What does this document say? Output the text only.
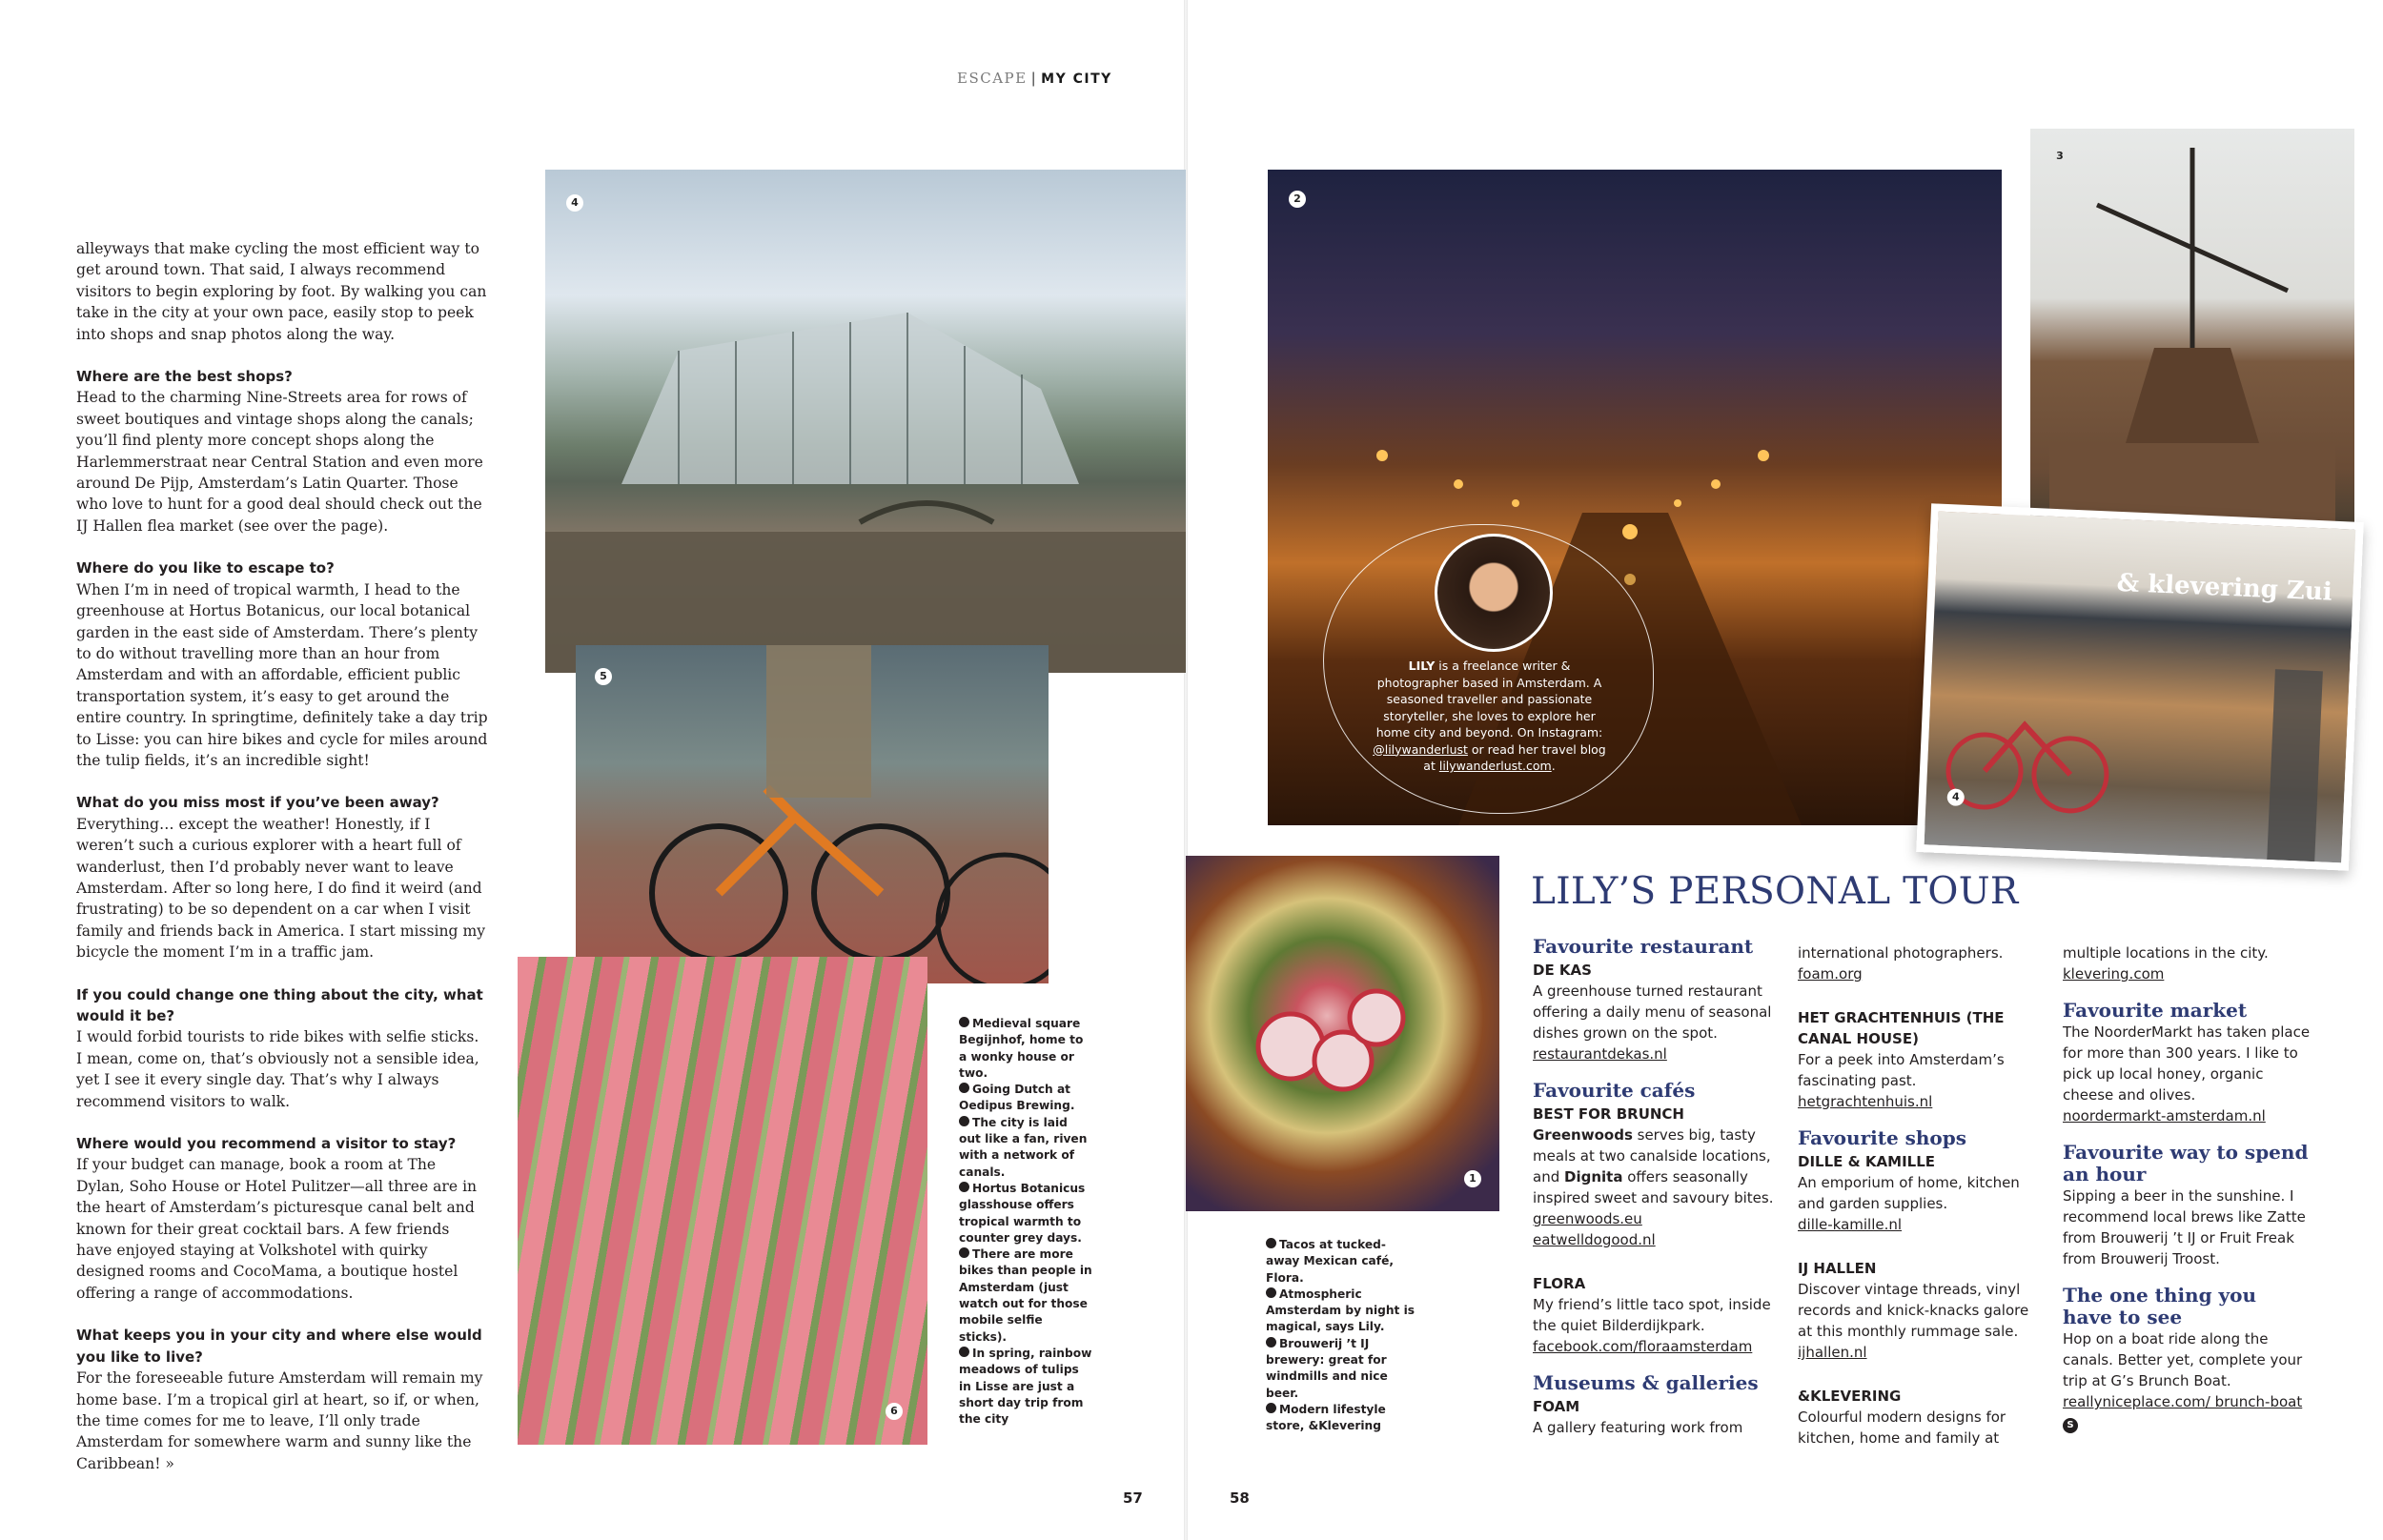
ESCAPE | MY CITY

alleyways that make cycling the most efficient way to get around town. That said, I always recommend visitors to begin exploring by foot. By walking you can take in the city at your own pace, easily stop to peek into shops and snap photos along the way.

Where are the best shops?
Head to the charming Nine-Streets area for rows of sweet boutiques and vintage shops along the canals; you’ll find plenty more concept shops along the Harlemmerstraat near Central Station and even more around De Pijp, Amsterdam’s Latin Quarter. Those who love to hunt for a good deal should check out the IJ Hallen flea market (see over the page).

Where do you like to escape to?
When I’m in need of tropical warmth, I head to the greenhouse at Hortus Botanicus, our local botanical garden in the east side of Amsterdam. There’s plenty to do without travelling more than an hour from Amsterdam and with an affordable, efficient public transportation system, it’s easy to get around the entire country. In springtime, definitely take a day trip to Lisse: you can hire bikes and cycle for miles around the tulip fields, it’s an incredible sight!

What do you miss most if you’ve been away?
Everything… except the weather! Honestly, if I weren’t such a curious explorer with a heart full of wanderlust, then I’d probably never want to leave Amsterdam. After so long here, I do find it weird (and frustrating) to be so dependent on a car when I visit family and friends back in America. I start missing my bicycle the moment I’m in a traffic jam.

If you could change one thing about the city, what would it be?
I would forbid tourists to ride bikes with selfie sticks. I mean, come on, that’s obviously not a sensible idea, yet I see it every single day. That’s why I always recommend visitors to walk.

Where would you recommend a visitor to stay?
If your budget can manage, book a room at The Dylan, Soho House or Hotel Pulitzer—all three are in the heart of Amsterdam’s picturesque canal belt and known for their great cocktail bars. A few friends have enjoyed staying at Volkshotel with quirky designed rooms and CocoMama, a boutique hostel offering a range of accommodations.

What keeps you in your city and where else would you like to live?
For the foreseeable future Amsterdam will remain my home base. I’m a tropical girl at heart, so if, or when, the time comes for me to leave, I’ll only trade Amsterdam for somewhere warm and sunny like the Caribbean! »

4
5
6
Medieval square Begijnhof, home to a wonky house or two.
Going Dutch at Oedipus Brewing.
The city is laid out like a fan, riven with a network of canals.
Hortus Botanicus glasshouse offers tropical warmth to counter grey days.
There are more bikes than people in Amsterdam (just watch out for those mobile selfie sticks).
In spring, rainbow meadows of tulips in Lisse are just a short day trip from the city
2
LILY is a freelance writer & photographer based in Amsterdam. A seasoned traveller and passionate storyteller, she loves to explore her home city and beyond. On Instagram: @lilywanderlust or read her travel blog at lilywanderlust.com.
3
& klevering Zui
4
1
Tacos at tucked-away Mexican café, Flora.
Atmospheric Amsterdam by night is magical, says Lily.
Brouwerij ’t IJ brewery: great for windmills and nice beer.
Modern lifestyle store, &Klevering
LILY’S PERSONAL TOUR
Favourite restaurant
DE KAS
A greenhouse turned restaurant offering a daily menu of seasonal dishes grown on the spot.
restaurantdekas.nl
Favourite cafés
BEST FOR BRUNCH
Greenwoods serves big, tasty meals at two canalside locations, and Dignita offers seasonally inspired sweet and savoury bites.
greenwoods.eu
eatwelldogood.nl
FLORA
My friend’s little taco spot, inside the quiet Bilderdijkpark.
facebook.com/floraamsterdam
Museums & galleries
FOAM
A gallery featuring work from
international photographers.
foam.org
HET GRACHTENHUIS (THE CANAL HOUSE)
For a peek into Amsterdam’s fascinating past.
hetgrachtenhuis.nl
Favourite shops
DILLE & KAMILLE
An emporium of home, kitchen and garden supplies.
dille-kamille.nl
IJ HALLEN
Discover vintage threads, vinyl records and knick-knacks galore at this monthly rummage sale.
ijhallen.nl
&KLEVERING
Colourful modern designs for kitchen, home and family at
multiple locations in the city.
klevering.com
Favourite market
The NoorderMarkt has taken place for more than 300 years. I like to pick up local honey, organic cheese and olives.
noordermarkt-amsterdam.nl
Favourite way to spend an hour
Sipping a beer in the sunshine. I recommend local brews like Zatte from Brouwerij ’t IJ or Fruit Freak from Brouwerij Troost.
The one thing you have to see
Hop on a boat ride along the canals. Better yet, complete your trip at G’s Brunch Boat.
reallyniceplace.com/ brunch-boat S
57	58
